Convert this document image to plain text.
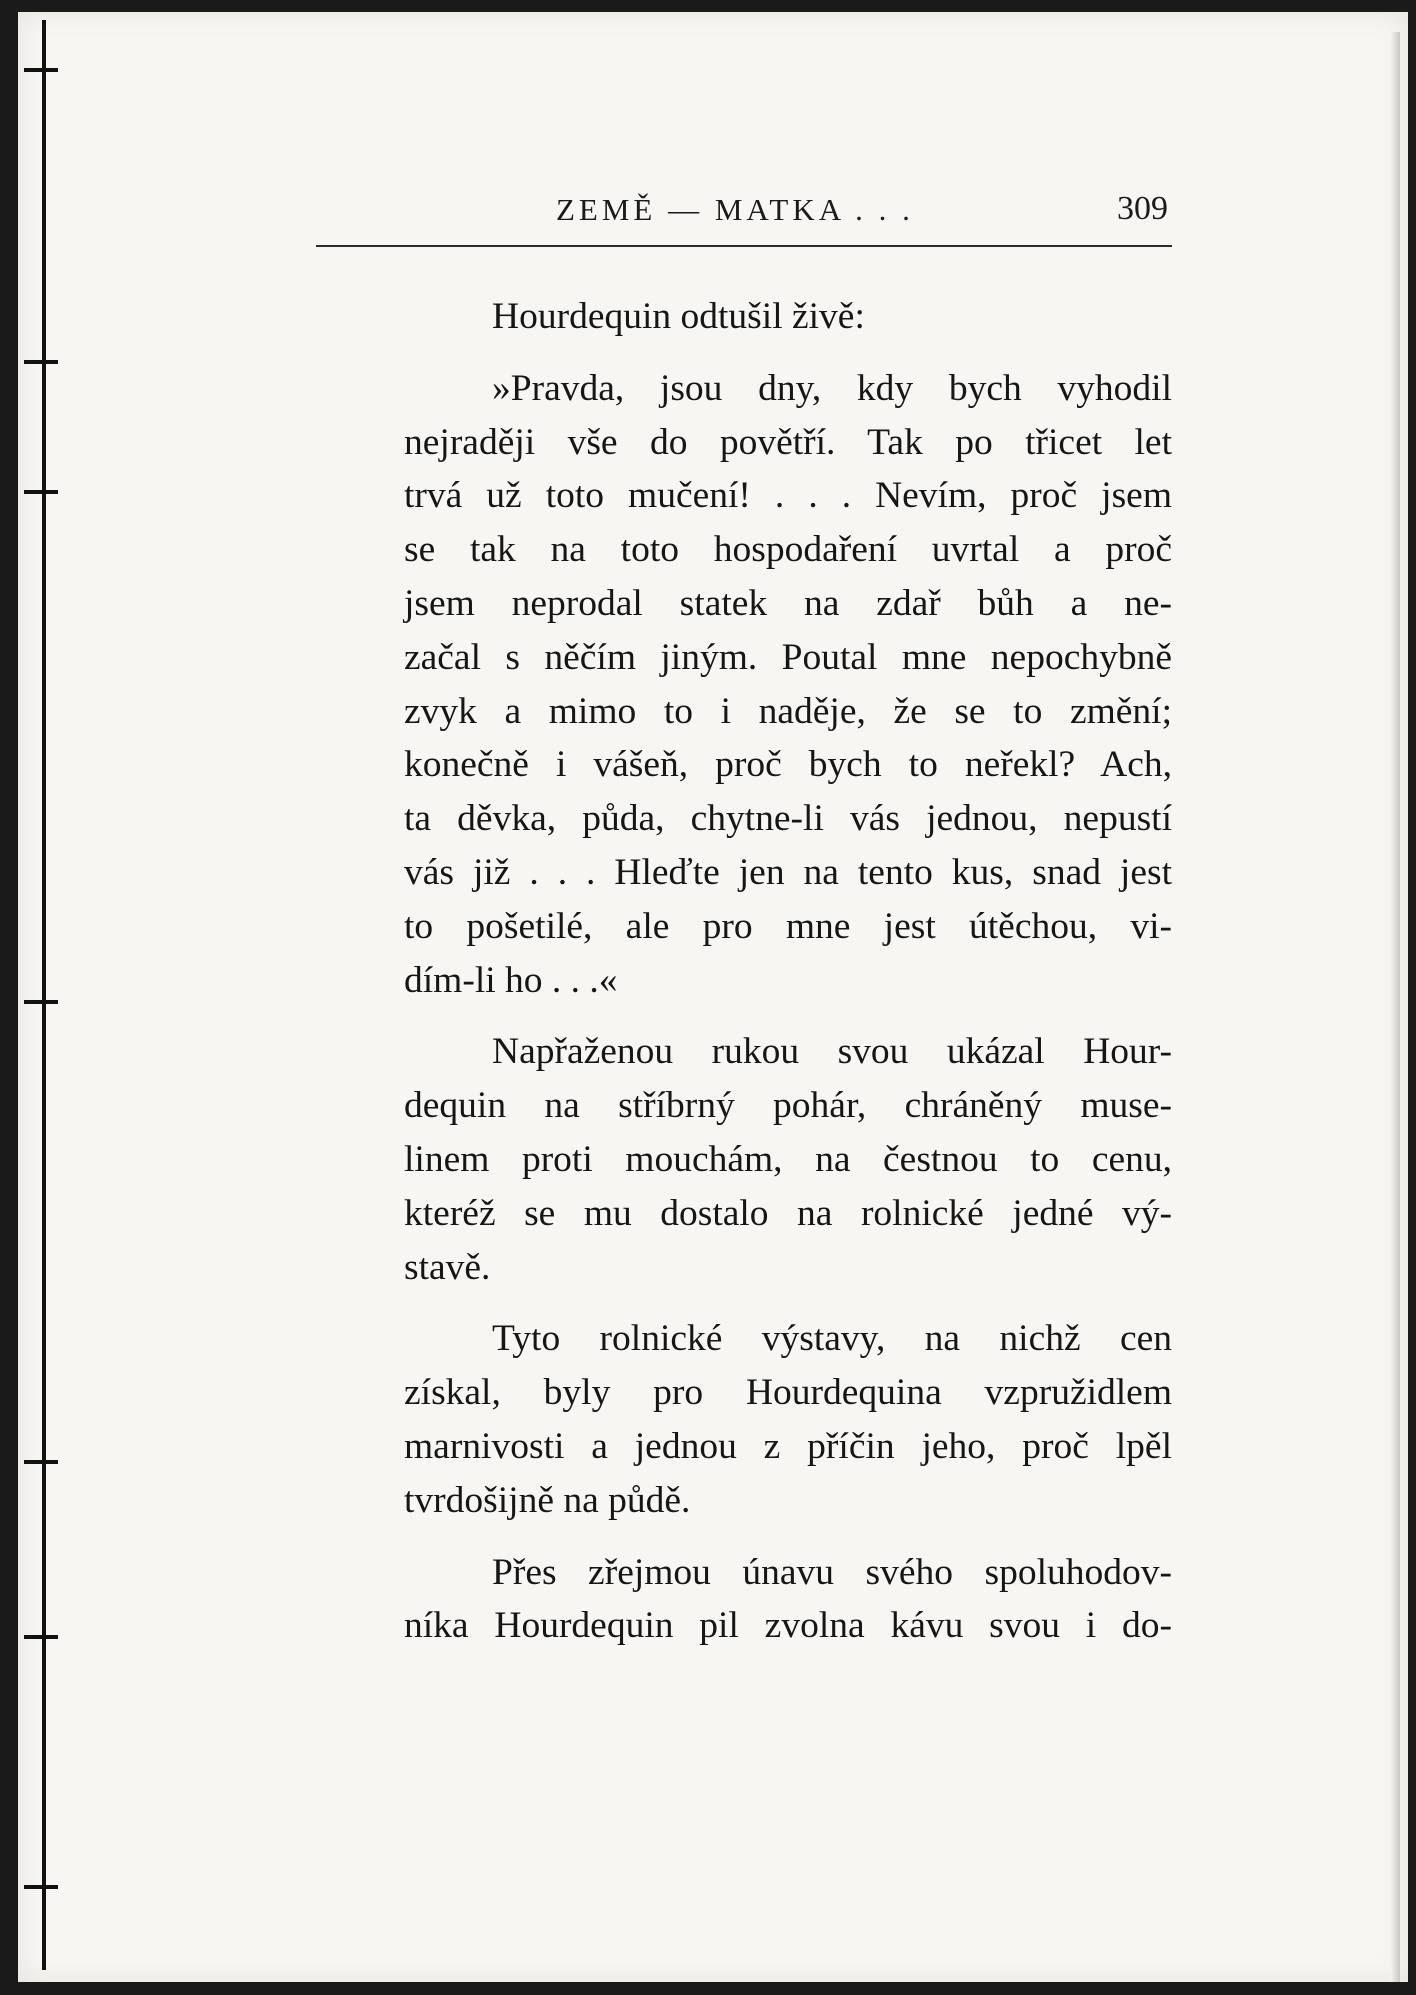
ZEMĚ — MATKA . . .	309
Hourdequin odtušil živě:
»Pravda, jsou dny, kdy bych vyhodil
nejraději vše do povětří. Tak po třicet let
trvá už toto mučení! . . . Nevím, proč jsem
se tak na toto hospodaření uvrtal a proč
jsem neprodal statek na zdař bůh a ne-
začal s něčím jiným. Poutal mne nepochybně
zvyk a mimo to i naděje, že se to změní;
konečně i vášeň, proč bych to neřekl? Ach,
ta děvka, půda, chytne-li vás jednou, nepustí
vás již . . . Hleďte jen na tento kus, snad jest
to pošetilé, ale pro mne jest útěchou, vi-
dím-li ho . . .«
Napřaženou rukou svou ukázal Hour-
dequin na stříbrný pohár, chráněný muse-
linem proti mouchám, na čestnou to cenu,
kteréž se mu dostalo na rolnické jedné vý-
stavě.
Tyto rolnické výstavy, na nichž cen
získal, byly pro Hourdequina vzpružidlem
marnivosti a jednou z příčin jeho, proč lpěl
tvrdošijně na půdě.
Přes zřejmou únavu svého spoluhodov-
níka Hourdequin pil zvolna kávu svou i do-
